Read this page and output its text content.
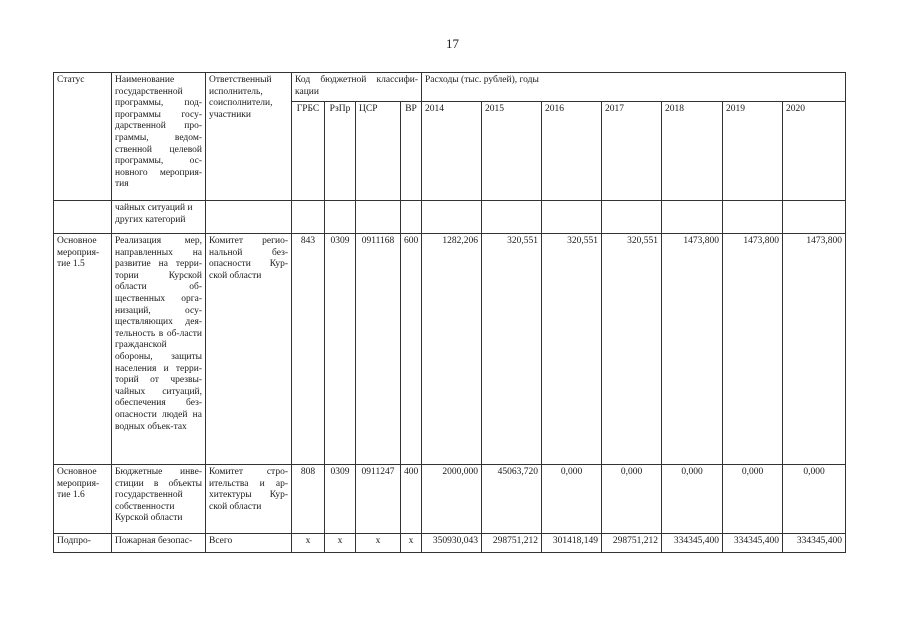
17
Статус	Наименование государственной программы, под-программы госу-дарственной про-граммы, ведом-ственной целевой программы, ос-новного мероприя-тия	Ответственный исполнитель, соисполнители, участники	Код бюджетной классифи-кации				Расходы (тыс. рублей), годы						
			ГРБС	РзПр	ЦСР	ВР	2014	2015	2016	2017	2018	2019	2020
	чайных ситуаций и других категорий												
Основное мероприя-тие 1.5	Реализация мер, направленных на развитие на терри-тории Курской области об-щественных орга-низаций, осу-ществляющих дея-тельность в об-ласти гражданской обороны, защиты населения и терри-торий от чрезвы-чайных ситуаций, обеспечения без-опасности людей на водных объек-тах	Комитет регио-нальной без-опасности Кур-ской области	843	0309	0911168	600	1282,206	320,551	320,551	320,551	1473,800	1473,800	1473,800
Основное мероприя-тие 1.6	Бюджетные инве-стиции в объекты государственной собственности Курской области	Комитет стро-ительства и ар-хитектуры Кур-ской области	808	0309	0911247	400	2000,000	45063,720	0,000	0,000	0,000	0,000	0,000
Подпро-	Пожарная безопас-	Всего	х	х	х	х	350930,043	298751,212	301418,149	298751,212	334345,400	334345,400	334345,400
